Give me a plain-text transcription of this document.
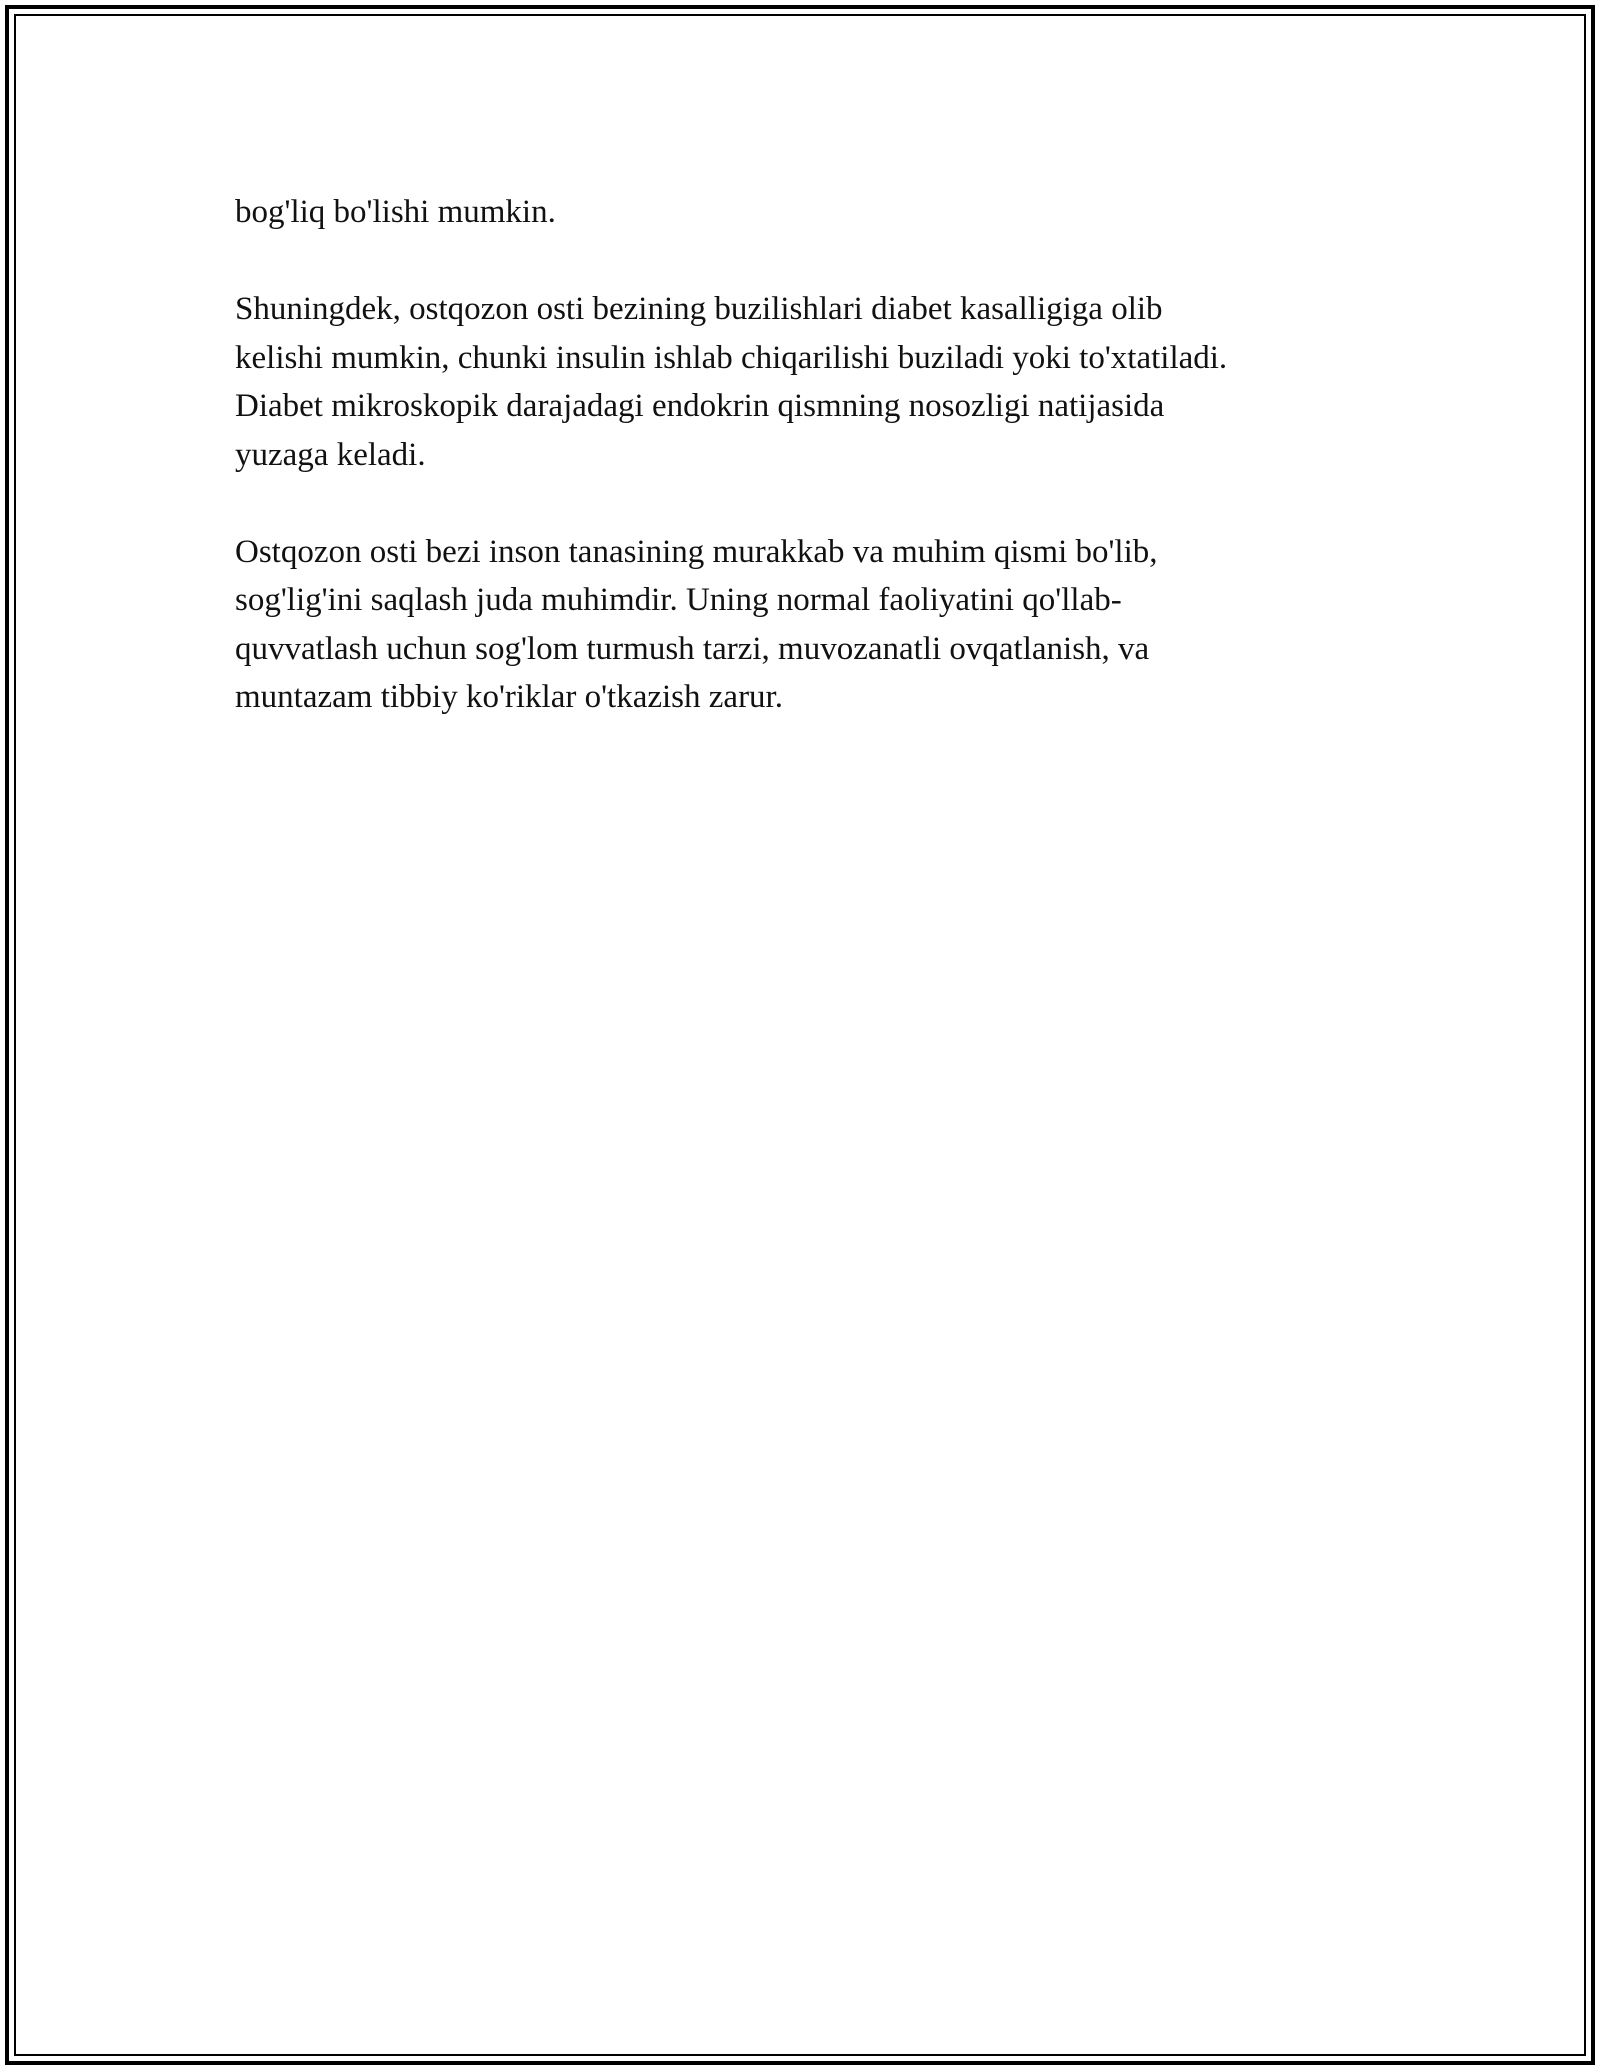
bog'liq bo'lishi mumkin.

Shuningdek, ostqozon osti bezining buzilishlari diabet kasalligiga olib
kelishi mumkin, chunki insulin ishlab chiqarilishi buziladi yoki to'xtatiladi.
Diabet mikroskopik darajadagi endokrin qismning nosozligi natijasida
yuzaga keladi.

Ostqozon osti bezi inson tanasining murakkab va muhim qismi bo'lib,
sog'lig'ini saqlash juda muhimdir. Uning normal faoliyatini qo'llab-
quvvatlash uchun sog'lom turmush tarzi, muvozanatli ovqatlanish, va
muntazam tibbiy ko'riklar o'tkazish zarur.
